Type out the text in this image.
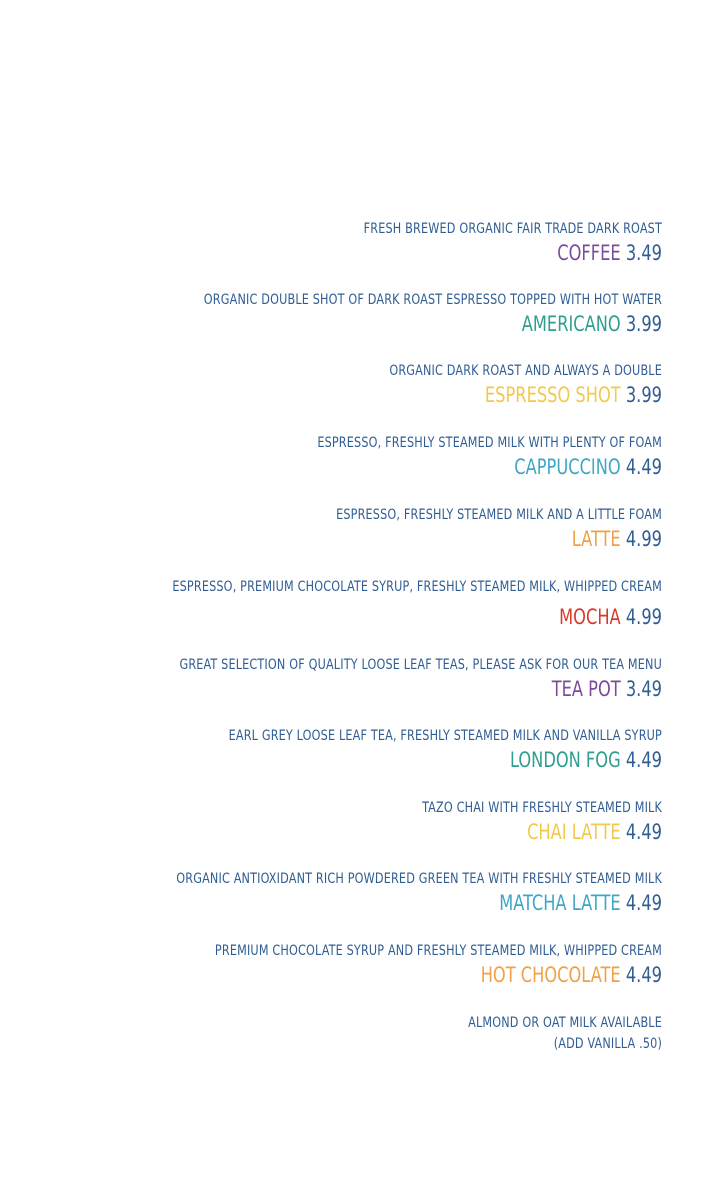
FRESH BREWED ORGANIC FAIR TRADE DARK ROAST
COFFEE 3.49
ORGANIC DOUBLE SHOT OF DARK ROAST ESPRESSO TOPPED WITH HOT WATER
AMERICANO 3.99
ORGANIC DARK ROAST AND ALWAYS A DOUBLE
ESPRESSO SHOT 3.99
ESPRESSO, FRESHLY STEAMED MILK WITH PLENTY OF FOAM
CAPPUCCINO 4.49
ESPRESSO, FRESHLY STEAMED MILK AND A LITTLE FOAM
LATTE 4.99
ESPRESSO, PREMIUM CHOCOLATE SYRUP, FRESHLY STEAMED MILK, WHIPPED CREAM
MOCHA 4.99
GREAT SELECTION OF QUALITY LOOSE LEAF TEAS, PLEASE ASK FOR OUR TEA MENU
TEA POT 3.49
EARL GREY LOOSE LEAF TEA, FRESHLY STEAMED MILK AND VANILLA SYRUP
LONDON FOG 4.49
TAZO CHAI WITH FRESHLY STEAMED MILK
CHAI LATTE 4.49
ORGANIC ANTIOXIDANT RICH POWDERED GREEN TEA WITH FRESHLY STEAMED MILK
MATCHA LATTE 4.49
PREMIUM CHOCOLATE SYRUP AND FRESHLY STEAMED MILK, WHIPPED CREAM
HOT CHOCOLATE 4.49
ALMOND OR OAT MILK AVAILABLE
(ADD VANILLA .50)
